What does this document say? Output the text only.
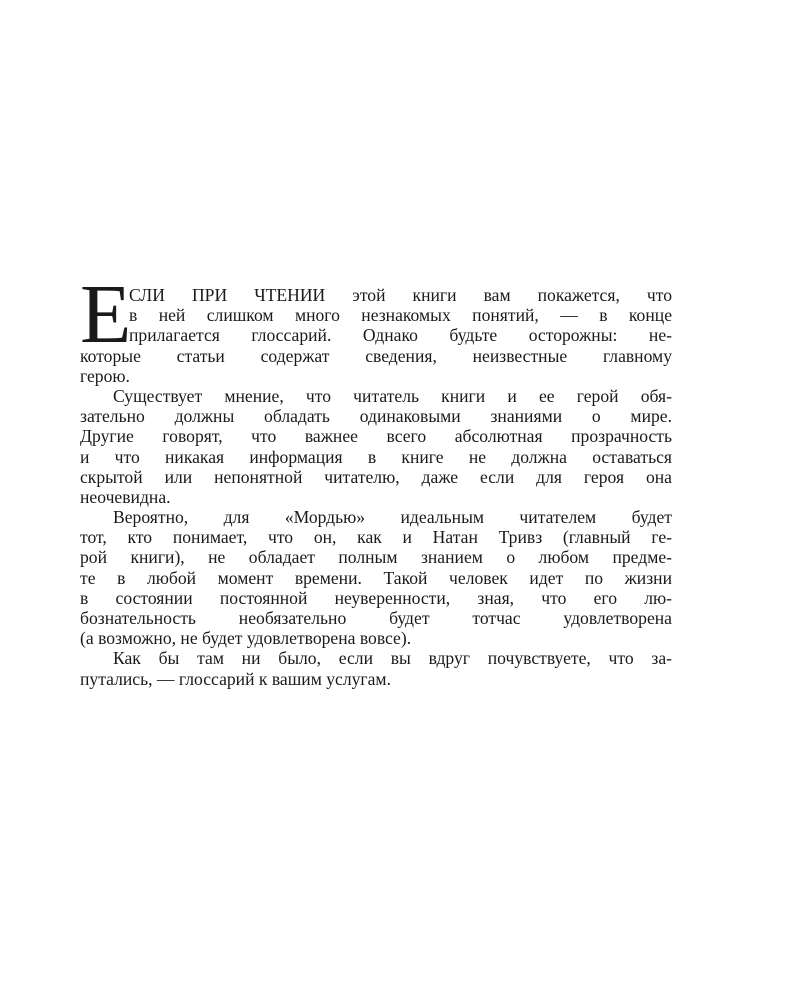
Е
СЛИ ПРИ ЧТЕНИИ этой книги вам покажется, что
в ней слишком много незнакомых понятий, — в конце
прилагается глоссарий. Однако будьте осторожны: не-
которые статьи содержат сведения, неизвестные главному
герою.
Существует мнение, что читатель книги и ее герой обя-
зательно должны обладать одинаковыми знаниями о мире.
Другие говорят, что важнее всего абсолютная прозрачность
и что никакая информация в книге не должна оставаться
скрытой или непонятной читателю, даже если для героя она
неочевидна.
Вероятно, для «Мордью» идеальным читателем будет
тот, кто понимает, что он, как и Натан Тривз (главный ге-
рой книги), не обладает полным знанием о любом предме-
те в любой момент времени. Такой человек идет по жизни
в состоянии постоянной неуверенности, зная, что его лю-
бознательность необязательно будет тотчас удовлетворена
(а возможно, не будет удовлетворена вовсе).
Как бы там ни было, если вы вдруг почувствуете, что за-
путались, — глоссарий к вашим услугам.
